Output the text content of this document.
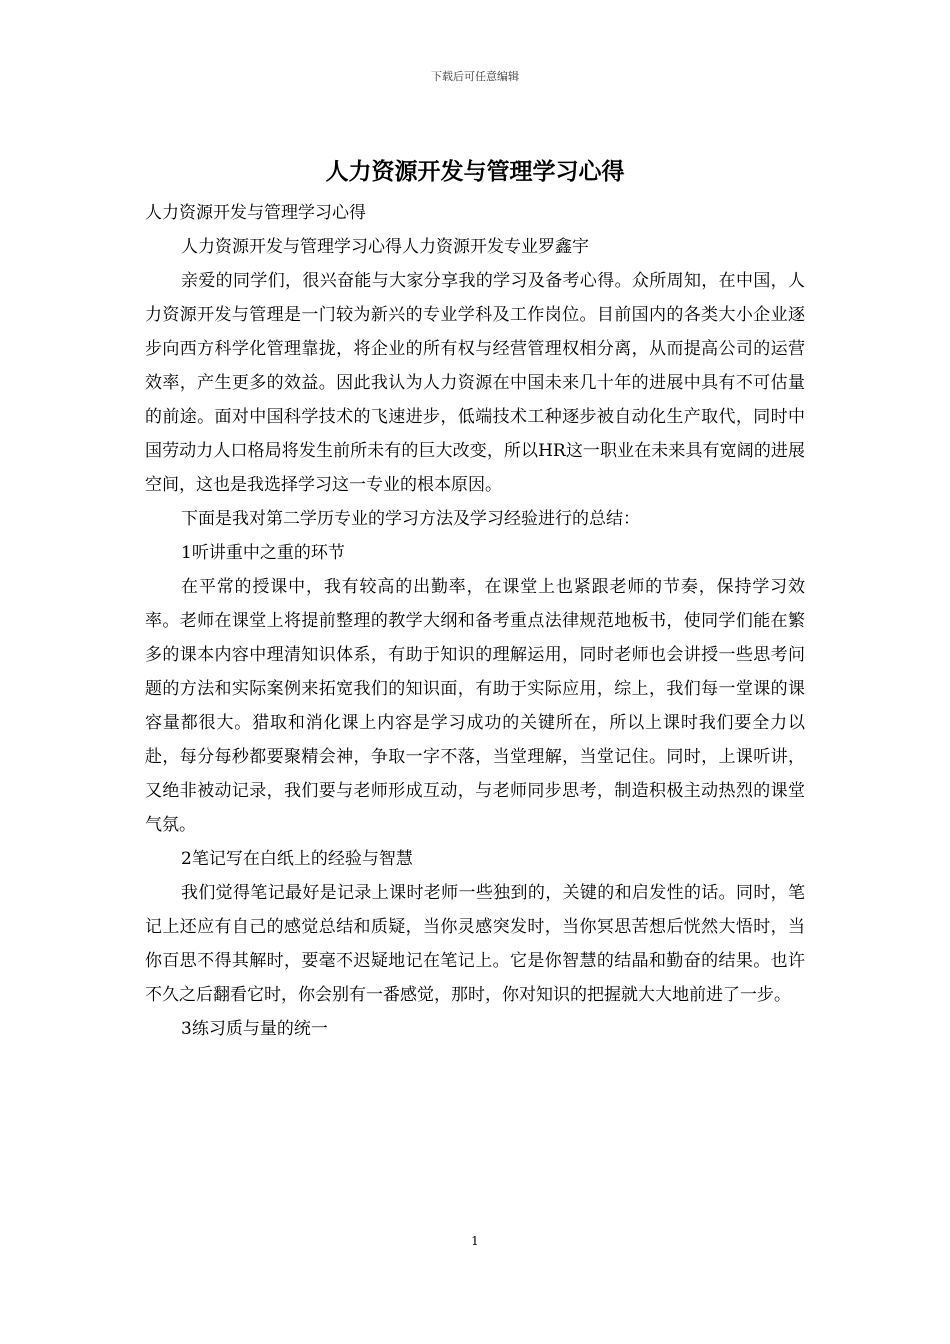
下载后可任意编辑
人力资源开发与管理学习心得

人力资源开发与管理学习心得

人力资源开发与管理学习心得人力资源开发专业罗鑫宇

亲爱的同学们，很兴奋能与大家分享我的学习及备考心得。众所周知，在中国，人力资源开发与管理是一门较为新兴的专业学科及工作岗位。目前国内的各类大小企业逐步向西方科学化管理靠拢，将企业的所有权与经营管理权相分离，从而提高公司的运营效率，产生更多的效益。因此我认为人力资源在中国未来几十年的进展中具有不可估量的前途。面对中国科学技术的飞速进步，低端技术工种逐步被自动化生产取代，同时中国劳动力人口格局将发生前所未有的巨大改变，所以HR这一职业在未来具有宽阔的进展空间，这也是我选择学习这一专业的根本原因。

下面是我对第二学历专业的学习方法及学习经验进行的总结：

1听讲重中之重的环节

在平常的授课中，我有较高的出勤率，在课堂上也紧跟老师的节奏，保持学习效率。老师在课堂上将提前整理的教学大纲和备考重点法律规范地板书，使同学们能在繁多的课本内容中理清知识体系，有助于知识的理解运用，同时老师也会讲授一些思考问题的方法和实际案例来拓宽我们的知识面，有助于实际应用，综上，我们每一堂课的课容量都很大。猎取和消化课上内容是学习成功的关键所在，所以上课时我们要全力以赴，每分每秒都要聚精会神，争取一字不落，当堂理解，当堂记住。同时，上课听讲，又绝非被动记录，我们要与老师形成互动，与老师同步思考，制造积极主动热烈的课堂气氛。

2笔记写在白纸上的经验与智慧

我们觉得笔记最好是记录上课时老师一些独到的，关键的和启发性的话。同时，笔记上还应有自己的感觉总结和质疑，当你灵感突发时，当你冥思苦想后恍然大悟时，当你百思不得其解时，要毫不迟疑地记在笔记上。它是你智慧的结晶和勤奋的结果。也许不久之后翻看它时，你会别有一番感觉，那时，你对知识的把握就大大地前进了一步。

3练习质与量的统一

1
